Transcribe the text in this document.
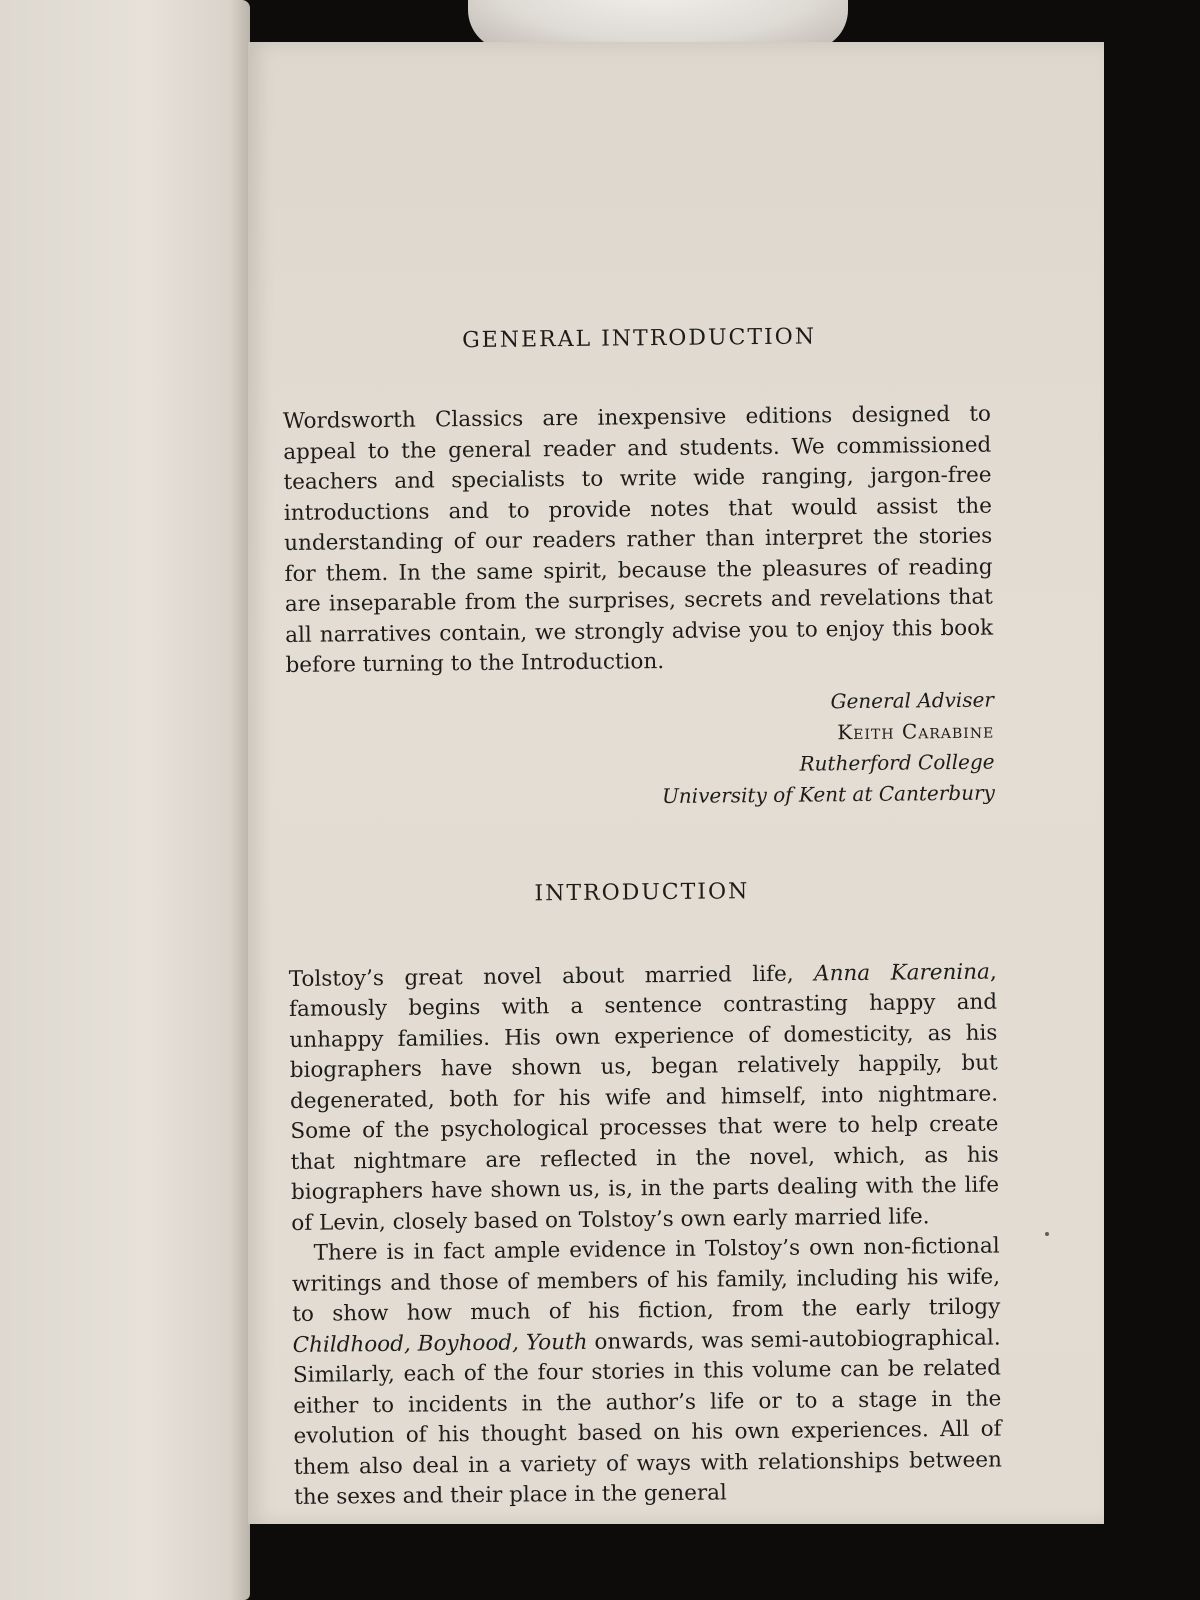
GENERAL INTRODUCTION

Wordsworth Classics are inexpensive editions designed to appeal to the general reader and students. We commissioned teachers and specialists to write wide ranging, jargon-free introductions and to provide notes that would assist the understanding of our readers rather than interpret the stories for them. In the same spirit, because the pleasures of reading are inseparable from the surprises, secrets and revelations that all narratives contain, we strongly advise you to enjoy this book before turning to the Introduction.

General Adviser
Keith Carabine
Rutherford College
University of Kent at Canterbury
INTRODUCTION

Tolstoy’s great novel about married life, Anna Karenina, famously begins with a sentence contrasting happy and unhappy families. His own experience of domesticity, as his biographers have shown us, began relatively happily, but degenerated, both for his wife and himself, into nightmare. Some of the psychological processes that were to help create that nightmare are reflected in the novel, which, as his biographers have shown us, is, in the parts dealing with the life of Levin, closely based on Tolstoy’s own early married life.

There is in fact ample evidence in Tolstoy’s own non-fictional writings and those of members of his family, including his wife, to show how much of his fiction, from the early trilogy Childhood, Boyhood, Youth onwards, was semi-autobiographical. Similarly, each of the four stories in this volume can be related either to incidents in the author’s life or to a stage in the evolution of his thought based on his own experiences. All of them also deal in a variety of ways with relationships between the sexes and their place in the general
